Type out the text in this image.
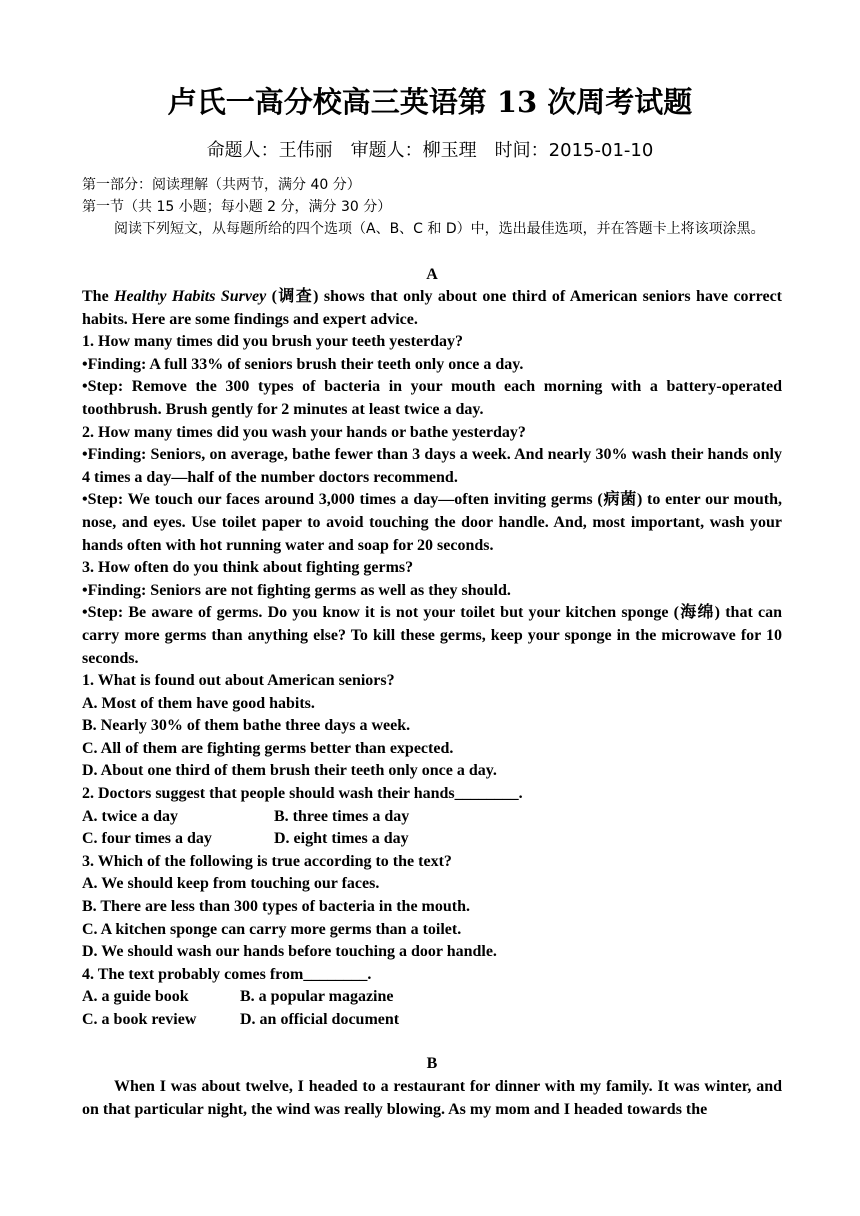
卢氏一高分校高三英语第 13 次周考试题
命题人：王伟丽　审题人：柳玉理　时间：2015-01-10

第一部分：阅读理解（共两节，满分 40 分）

第一节（共 15 小题；每小题 2 分，满分 30 分）

阅读下列短文，从每题所给的四个选项（A、B、C 和 D）中，选出最佳选项，并在答题卡上将该项涂黑。

A

The Healthy Habits Survey (调查) shows that only about one third of American seniors have correct habits. Here are some findings and expert advice.

1. How many times did you brush your teeth yesterday?

•Finding: A full 33% of seniors brush their teeth only once a day.

•Step: Remove the 300 types of bacteria in your mouth each morning with a battery-operated toothbrush. Brush gently for 2 minutes at least twice a day.

2. How many times did you wash your hands or bathe yesterday?

•Finding: Seniors, on average, bathe fewer than 3 days a week. And nearly 30% wash their hands only 4 times a day—half of the number doctors recommend.

•Step: We touch our faces around 3,000 times a day—often inviting germs (病菌) to enter our mouth, nose, and eyes. Use toilet paper to avoid touching the door handle. And, most important, wash your hands often with hot running water and soap for 20 seconds.

3. How often do you think about fighting germs?

•Finding: Seniors are not fighting germs as well as they should.

•Step: Be aware of germs. Do you know it is not your toilet but your kitchen sponge (海绵) that can carry more germs than anything else? To kill these germs, keep your sponge in the microwave for 10 seconds.

1. What is found out about American seniors?

A. Most of them have good habits.

B. Nearly 30% of them bathe three days a week.

C. All of them are fighting germs better than expected.

D. About one third of them brush their teeth only once a day.

2. Doctors suggest that people should wash their hands________.

A. twice a day	B. three times a day
C. four times a day	D. eight times a day

3. Which of the following is true according to the text?

A. We should keep from touching our faces.

B. There are less than 300 types of bacteria in the mouth.

C. A kitchen sponge can carry more germs than a toilet.

D. We should wash our hands before touching a door handle.

4. The text probably comes from________.

A. a guide book	B. a popular magazine
C. a book review	D. an official document

B

When I was about twelve, I headed to a restaurant for dinner with my family. It was winter, and on that particular night, the wind was really blowing. As my mom and I headed towards the
